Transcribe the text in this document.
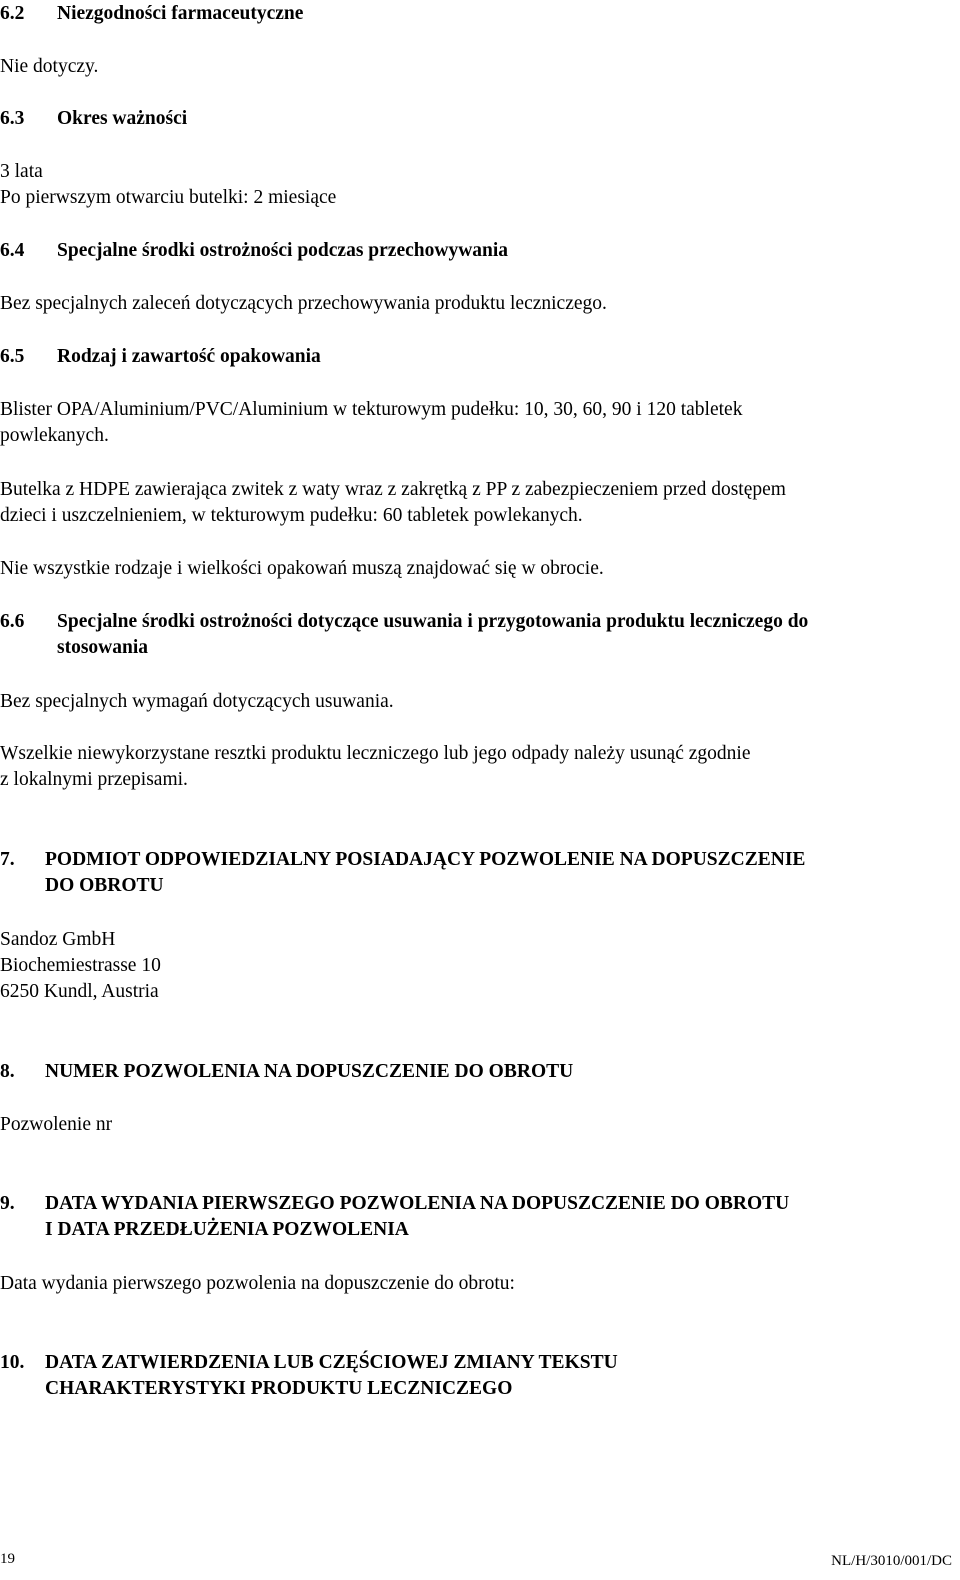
6.2 Niezgodności farmaceutyczne
Nie dotyczy.
6.3 Okres ważności
3 lata
Po pierwszym otwarciu butelki: 2 miesiące
6.4 Specjalne środki ostrożności podczas przechowywania
Bez specjalnych zaleceń dotyczących przechowywania produktu leczniczego.
6.5 Rodzaj i zawartość opakowania
Blister OPA/Aluminium/PVC/Aluminium w tekturowym pudełku: 10, 30, 60, 90 i 120 tabletek
powlekanych.
Butelka z HDPE zawierająca zwitek z waty wraz z zakrętką z PP z zabezpieczeniem przed dostępem
dzieci i uszczelnieniem, w tekturowym pudełku: 60 tabletek powlekanych.
Nie wszystkie rodzaje i wielkości opakowań muszą znajdować się w obrocie.
6.6 Specjalne środki ostrożności dotyczące usuwania i przygotowania produktu leczniczego do
stosowania
Bez specjalnych wymagań dotyczących usuwania.
Wszelkie niewykorzystane resztki produktu leczniczego lub jego odpady należy usunąć zgodnie
z lokalnymi przepisami.
7. PODMIOT ODPOWIEDZIALNY POSIADAJĄCY POZWOLENIE NA DOPUSZCZENIE
DO OBROTU
Sandoz GmbH
Biochemiestrasse 10
6250 Kundl, Austria
8. NUMER POZWOLENIA NA DOPUSZCZENIE DO OBROTU
Pozwolenie nr
9. DATA WYDANIA PIERWSZEGO POZWOLENIA NA DOPUSZCZENIE DO OBROTU
I DATA PRZEDŁUŻENIA POZWOLENIA
Data wydania pierwszego pozwolenia na dopuszczenie do obrotu:
10. DATA ZATWIERDZENIA LUB CZĘŚCIOWEJ ZMIANY TEKSTU
CHARAKTERYSTYKI PRODUKTU LECZNICZEGO
19	NL/H/3010/001/DC
